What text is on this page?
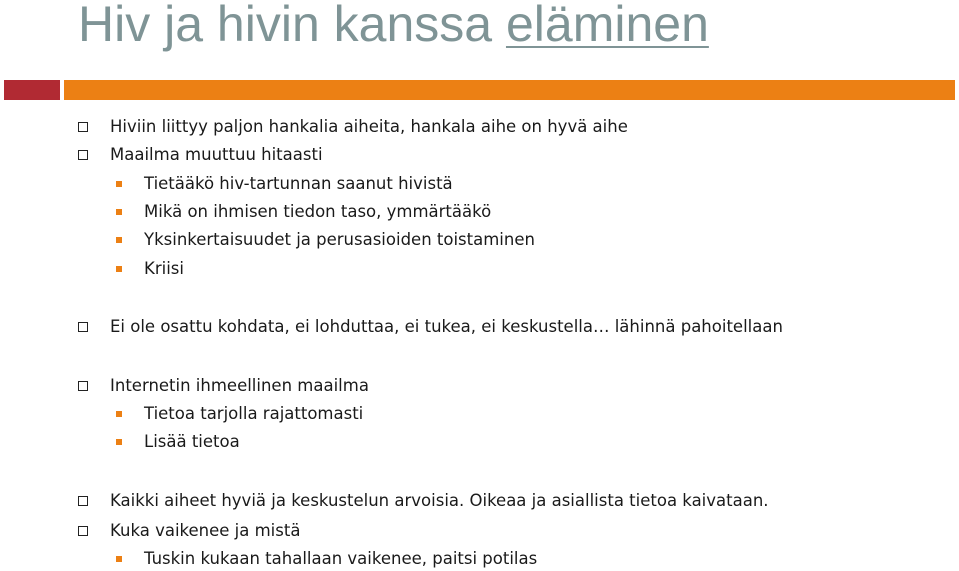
Hiv ja hivin kanssa eläminen
Hiviin liittyy paljon hankalia aiheita, hankala aihe on hyvä aihe
Maailma muuttuu hitaasti
Tietääkö hiv-tartunnan saanut hivistä
Mikä on ihmisen tiedon taso, ymmärtääkö
Yksinkertaisuudet ja perusasioiden toistaminen
Kriisi
Ei ole osattu kohdata, ei lohduttaa, ei tukea, ei keskustella… lähinnä pahoitellaan
Internetin ihmeellinen maailma
Tietoa tarjolla rajattomasti
Lisää tietoa
Kaikki aiheet hyviä ja keskustelun arvoisia. Oikeaa ja asiallista tietoa kaivataan.
Kuka vaikenee ja mistä
Tuskin kukaan tahallaan vaikenee, paitsi potilas
